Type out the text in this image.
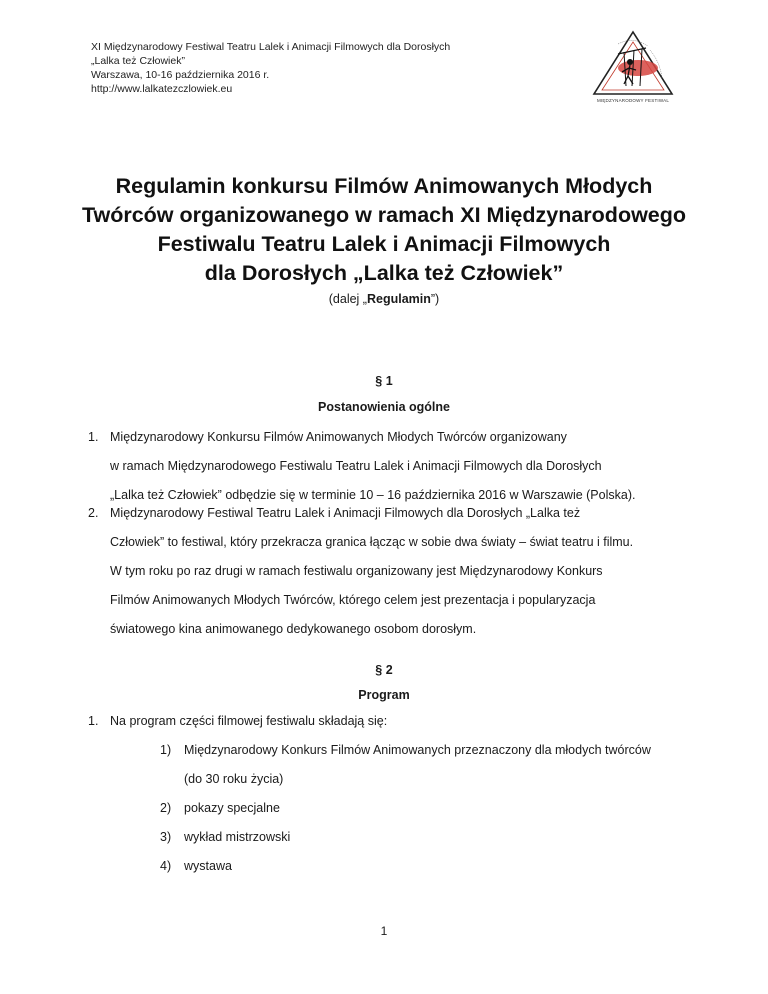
XI Międzynarodowy Festiwal Teatru Lalek i Animacji Filmowych dla Dorosłych
„Lalka też Człowiek”
Warszawa, 10-16 października 2016 r.
http://www.lalkatezczlowiek.eu
MIĘDZYNARODOWY FESTIWAL
Regulamin konkursu Filmów Animowanych Młodych
Twórców organizowanego w ramach XI Międzynarodowego
Festiwalu Teatru Lalek i Animacji Filmowych
dla Dorosłych „Lalka też Człowiek”
(dalej „Regulamin”)
§ 1
Postanowienia ogólne
1. Międzynarodowy Konkursu Filmów Animowanych Młodych Twórców organizowany
w ramach Międzynarodowego Festiwalu Teatru Lalek i Animacji Filmowych dla Dorosłych
„Lalka też Człowiek” odbędzie się w terminie 10 – 16 października 2016 w Warszawie (Polska).
2. Międzynarodowy Festiwal Teatru Lalek i Animacji Filmowych dla Dorosłych „Lalka też
Człowiek” to festiwal, który przekracza granica łącząc w sobie dwa światy – świat teatru i filmu.
W tym roku po raz drugi w ramach festiwalu organizowany jest Międzynarodowy Konkurs
Filmów Animowanych Młodych Twórców, którego celem jest prezentacja i popularyzacja
światowego kina animowanego dedykowanego osobom dorosłym.
§ 2
Program
1. Na program części filmowej festiwalu składają się:
1) Międzynarodowy Konkurs Filmów Animowanych przeznaczony dla młodych twórców
(do 30 roku życia)
2) pokazy specjalne
3) wykład mistrzowski
4) wystawa
1
